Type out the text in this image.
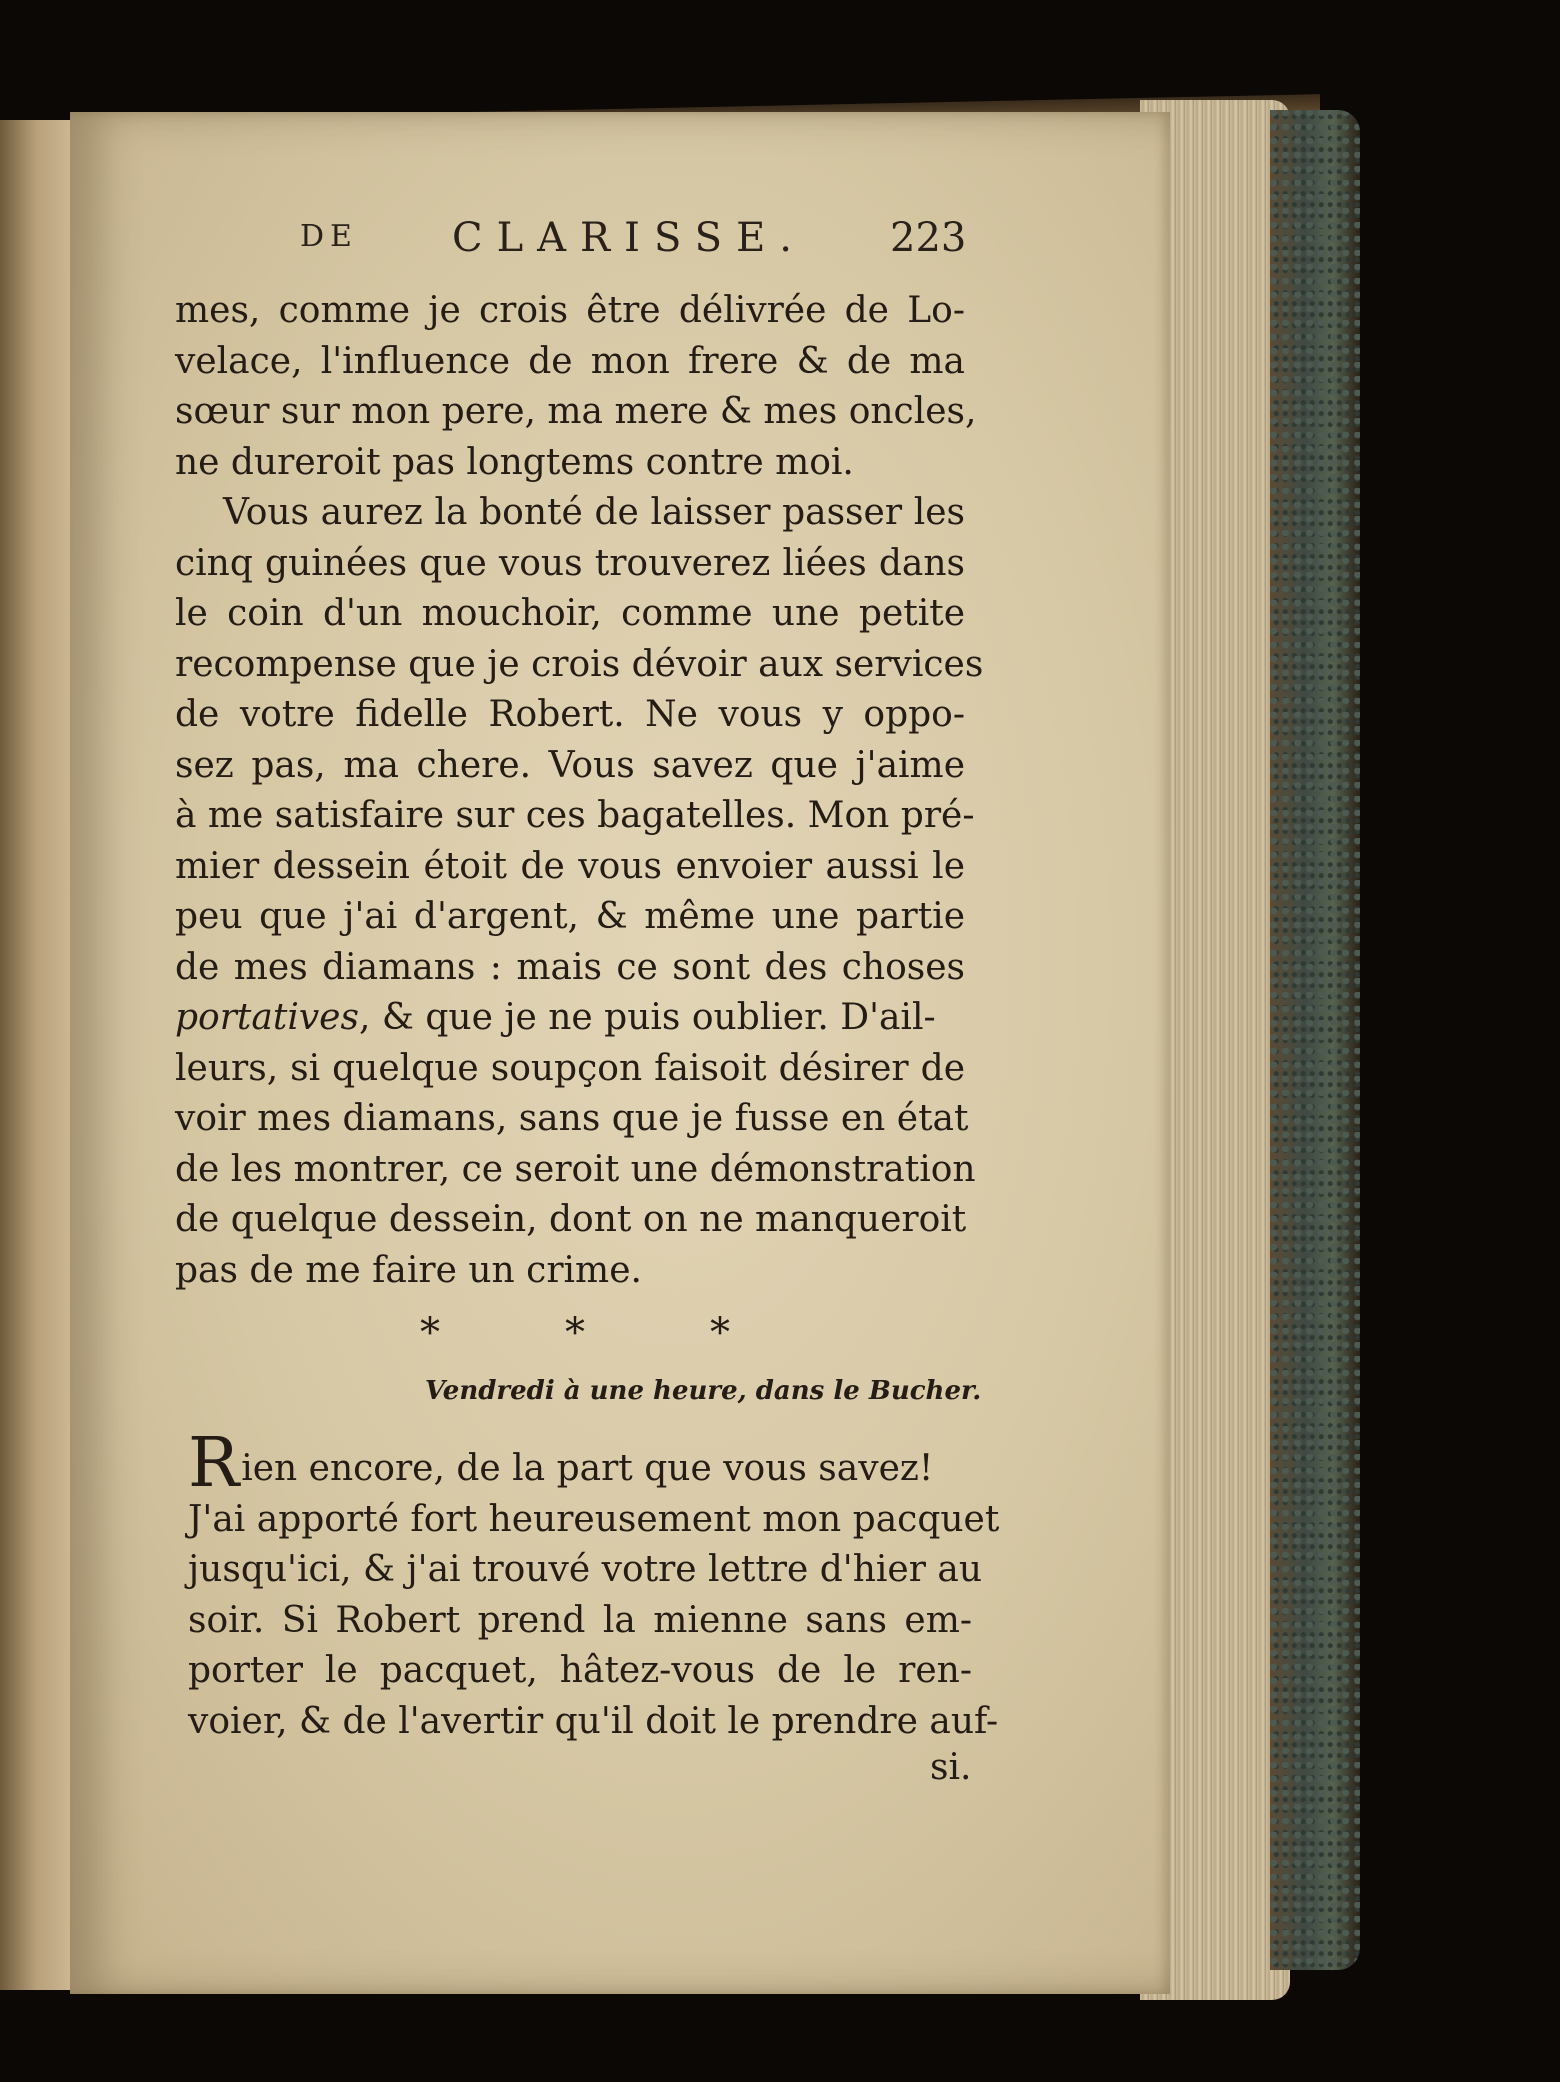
DE CLARISSE. 223
mes, comme je crois être délivrée de Lo-
velace, l'influence de mon frere & de ma
sœur sur mon pere, ma mere & mes oncles,
ne dureroit pas longtems contre moi.
Vous aurez la bonté de laisser passer les
cinq guinées que vous trouverez liées dans
le coin d'un mouchoir, comme une petite
recompense que je crois dévoir aux services
de votre fidelle Robert. Ne vous y oppo-
sez pas, ma chere. Vous savez que j'aime
à me satisfaire sur ces bagatelles. Mon pré-
mier dessein étoit de vous envoier aussi le
peu que j'ai d'argent, & même une partie
de mes diamans : mais ce sont des choses
portatives, & que je ne puis oublier. D'ail-
leurs, si quelque soupçon faisoit désirer de
voir mes diamans, sans que je fusse en état
de les montrer, ce seroit une démonstration
de quelque dessein, dont on ne manqueroit
pas de me faire un crime.
*	*	*
Vendredi à une heure, dans le Bucher.
Rien encore, de la part que vous savez!
J'ai apporté fort heureusement mon pacquet
jusqu'ici, & j'ai trouvé votre lettre d'hier au
soir. Si Robert prend la mienne sans em-
porter le pacquet, hâtez-vous de le ren-
voier, & de l'avertir qu'il doit le prendre auf-
si.
